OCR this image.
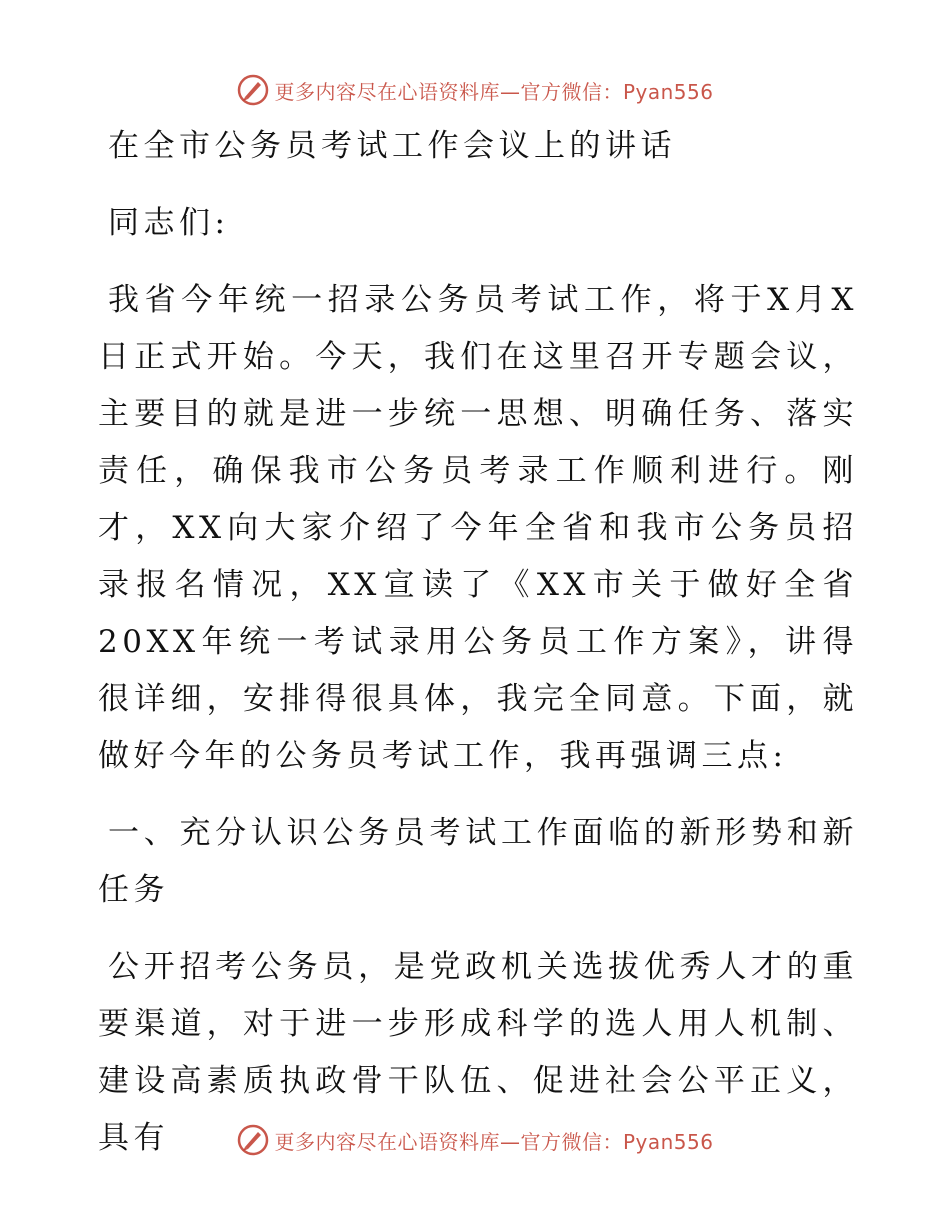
更多内容尽在心语资料库—官方微信：Pyan556
在全市公务员考试工作会议上的讲话

同志们:

我省今年统一招录公务员考试工作，将于X月X日正式开始。今天，我们在这里召开专题会议，主要目的就是进一步统一思想、明确任务、落实责任，确保我市公务员考录工作顺利进行。刚才，XX向大家介绍了今年全省和我市公务员招录报名情况，XX宣读了《XX市关于做好全省20XX年统一考试录用公务员工作方案》，讲得很详细，安排得很具体，我完全同意。下面，就做好今年的公务员考试工作，我再强调三点:

一、充分认识公务员考试工作面临的新形势和新任务

公开招考公务员，是党政机关选拔优秀人才的重要渠道，对于进一步形成科学的选人用人机制、建设高素质执政骨干队伍、促进社会公平正义，具有	更多内容尽在心语资料库—官方微信：Pyan556
